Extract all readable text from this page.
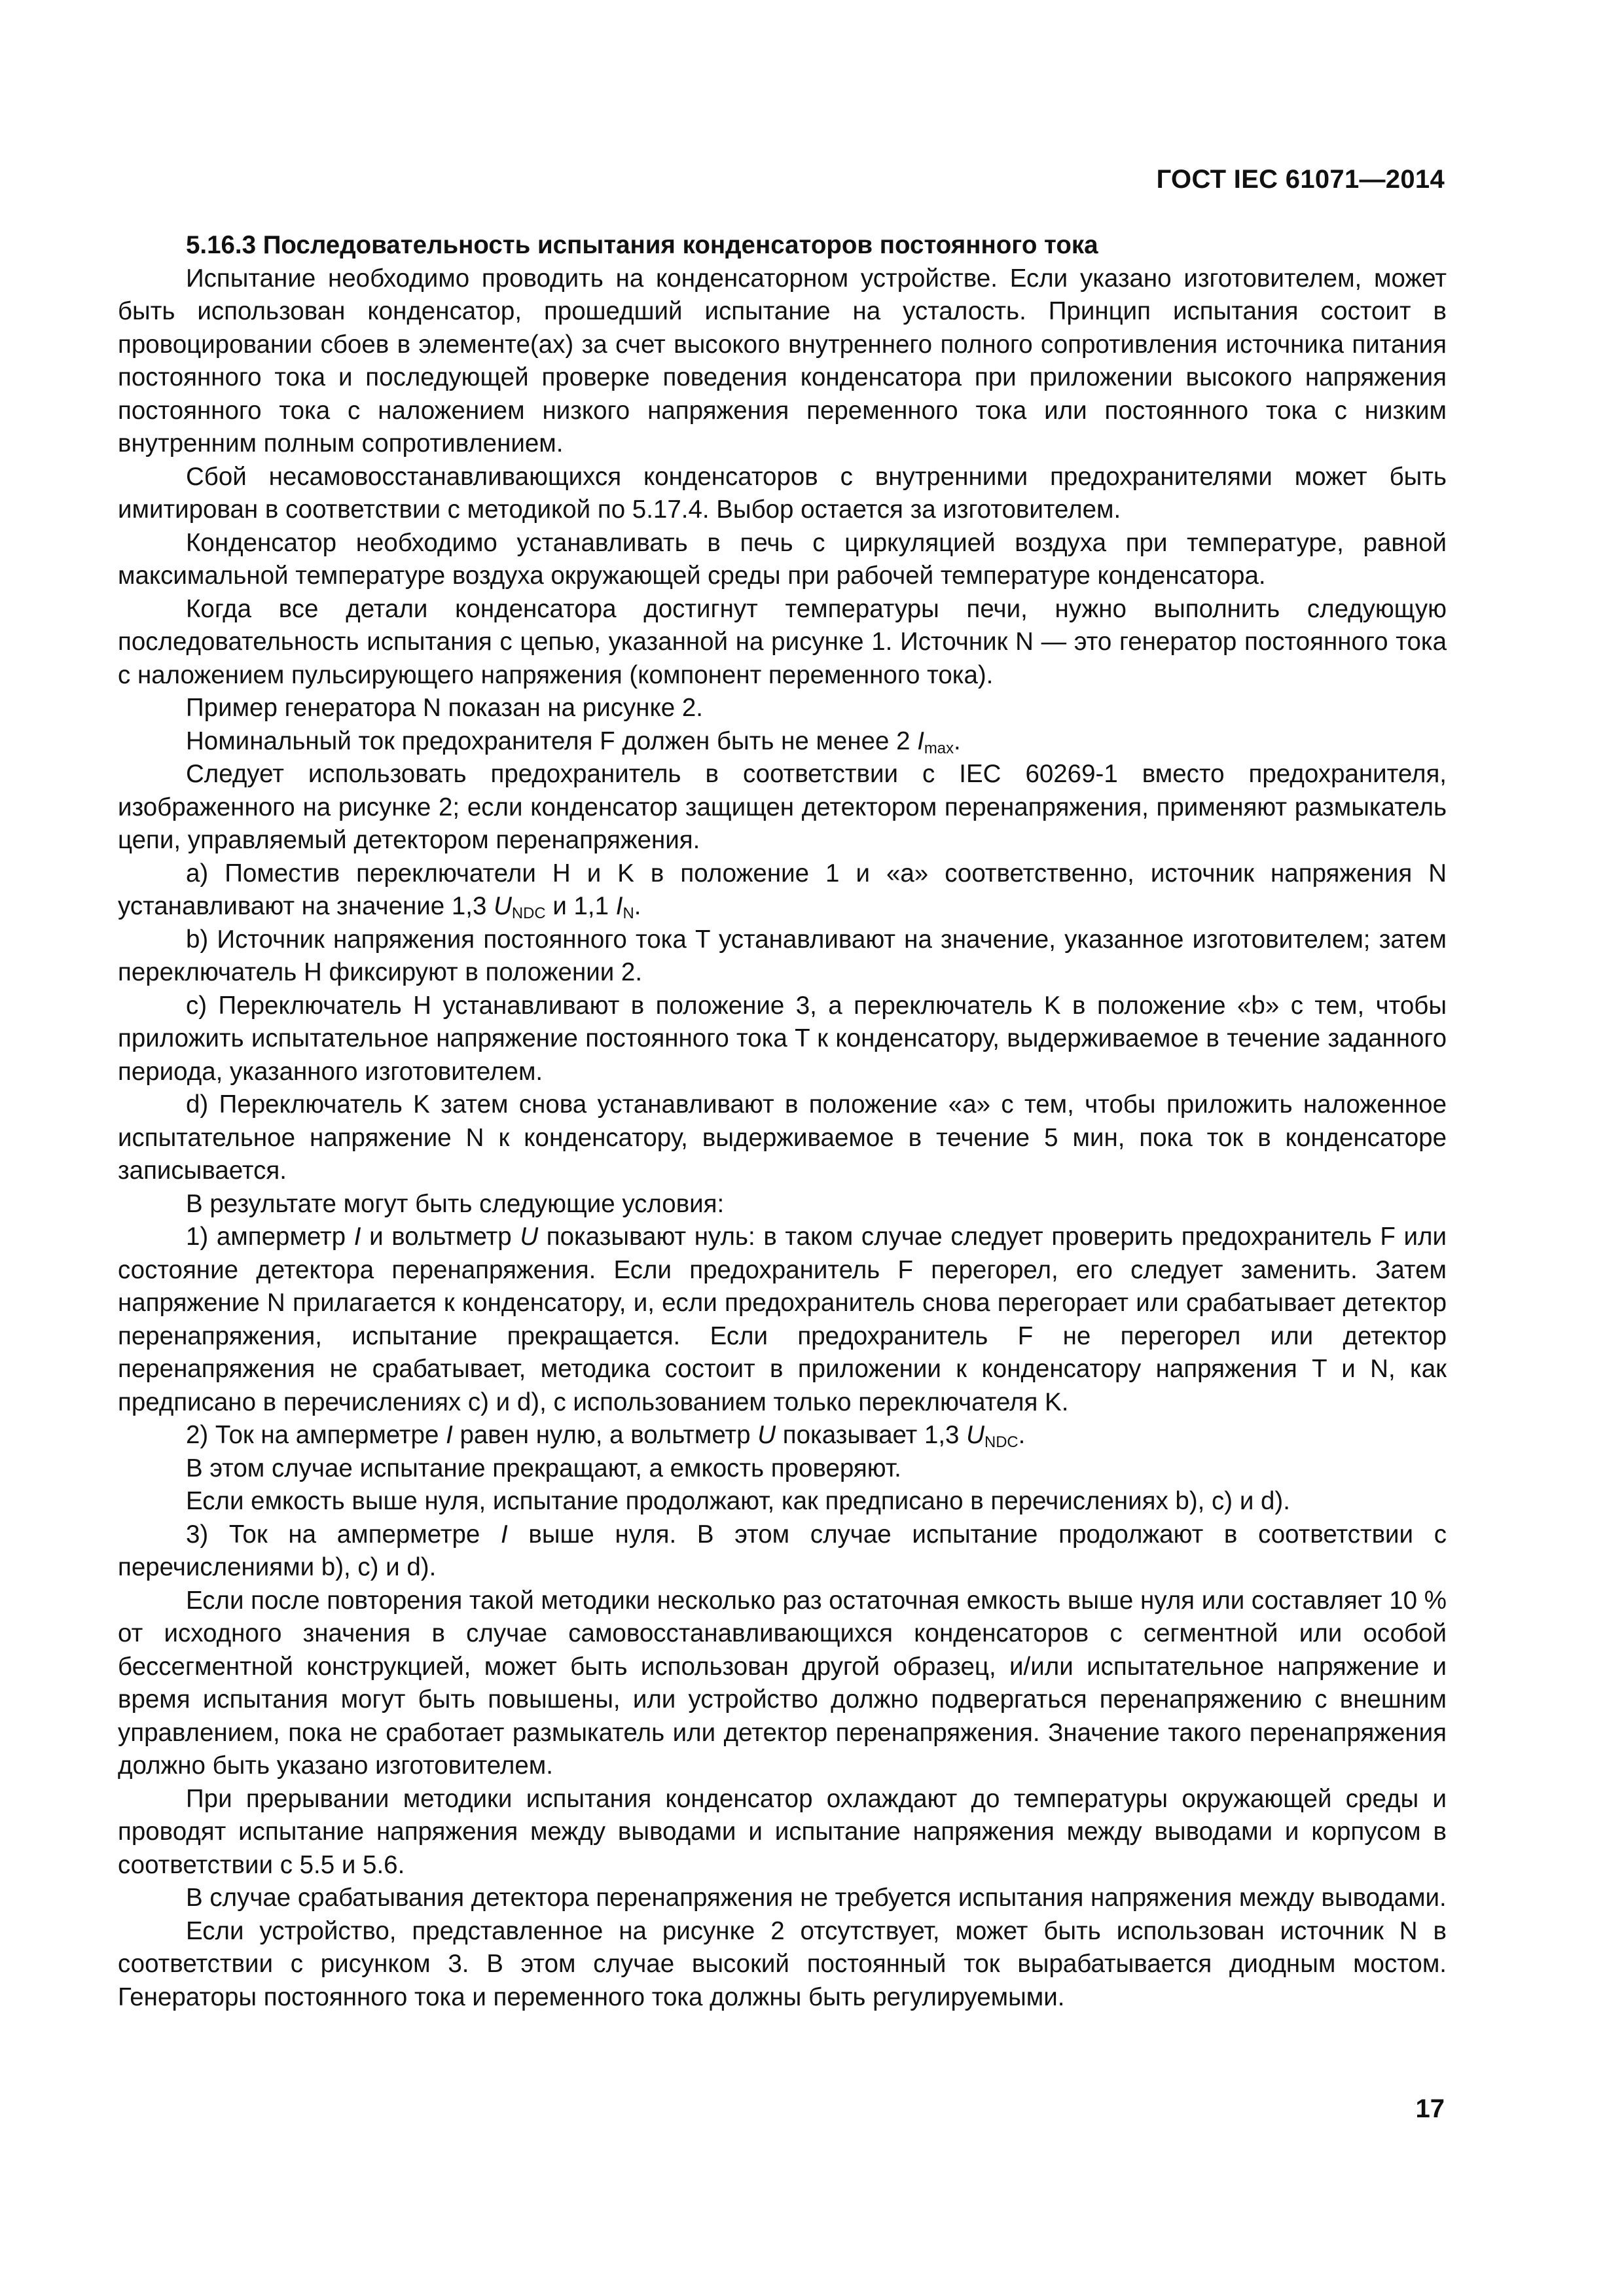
ГОСТ IEC 61071—2014

5.16.3 Последовательность испытания конденсаторов постоянного тока

Испытание необходимо проводить на конденсаторном устройстве. Если указано изготовителем, может быть использован конденсатор, прошедший испытание на усталость. Принцип испытания состоит в провоцировании сбоев в элементе(ах) за счет высокого внутреннего полного сопротивления источника питания постоянного тока и последующей проверке поведения конденсатора при приложении высокого напряжения постоянного тока с наложением низкого напряжения переменного тока или постоянного тока с низким внутренним полным сопротивлением.

Сбой несамовосстанавливающихся конденсаторов с внутренними предохранителями может быть имитирован в соответствии с методикой по 5.17.4. Выбор остается за изготовителем.

Конденсатор необходимо устанавливать в печь с циркуляцией воздуха при температуре, равной максимальной температуре воздуха окружающей среды при рабочей температуре конденсатора.

Когда все детали конденсатора достигнут температуры печи, нужно выполнить следующую последовательность испытания с цепью, указанной на рисунке 1. Источник N — это генератор постоянного тока с наложением пульсирующего напряжения (компонент переменного тока).

Пример генератора N показан на рисунке 2.

Номинальный ток предохранителя F должен быть не менее 2 $I_{max}$.

Следует использовать предохранитель в соответствии с IEC 60269-1 вместо предохранителя, изображенного на рисунке 2; если конденсатор защищен детектором перенапряжения, применяют размыкатель цепи, управляемый детектором перенапряжения.

а) Поместив переключатели H и K в положение 1 и «а» соответственно, источник напряжения N устанавливают на значение 1,3 $U_{NDC}$ и 1,1 $I_N$.

b) Источник напряжения постоянного тока T устанавливают на значение, указанное изготовителем; затем переключатель H фиксируют в положении 2.

с) Переключатель H устанавливают в положение 3, а переключатель K в положение «b» с тем, чтобы приложить испытательное напряжение постоянного тока T к конденсатору, выдерживаемое в течение заданного периода, указанного изготовителем.

d) Переключатель K затем снова устанавливают в положение «а» с тем, чтобы приложить наложенное испытательное напряжение N к конденсатору, выдерживаемое в течение 5 мин, пока ток в конденсаторе записывается.

В результате могут быть следующие условия:

1) амперметр I и вольтметр U показывают нуль: в таком случае следует проверить предохранитель F или состояние детектора перенапряжения. Если предохранитель F перегорел, его следует заменить. Затем напряжение N прилагается к конденсатору, и, если предохранитель снова перегорает или срабатывает детектор перенапряжения, испытание прекращается. Если предохранитель F не перегорел или детектор перенапряжения не срабатывает, методика состоит в приложении к конденсатору напряжения T и N, как предписано в перечислениях с) и d), с использованием только переключателя K.

2) Ток на амперметре I равен нулю, а вольтметр U показывает 1,3 $U_{NDC}$.

В этом случае испытание прекращают, а емкость проверяют.

Если емкость выше нуля, испытание продолжают, как предписано в перечислениях b), с) и d).

3) Ток на амперметре I выше нуля. В этом случае испытание продолжают в соответствии с перечислениями b), с) и d).

Если после повторения такой методики несколько раз остаточная емкость выше нуля или составляет 10 % от исходного значения в случае самовосстанавливающихся конденсаторов с сегментной или особой бессегментной конструкцией, может быть использован другой образец, и/или испытательное напряжение и время испытания могут быть повышены, или устройство должно подвергаться перенапряжению с внешним управлением, пока не сработает размыкатель или детектор перенапряжения. Значение такого перенапряжения должно быть указано изготовителем.

При прерывании методики испытания конденсатор охлаждают до температуры окружающей среды и проводят испытание напряжения между выводами и испытание напряжения между выводами и корпусом в соответствии с 5.5 и 5.6.

В случае срабатывания детектора перенапряжения не требуется испытания напряжения между выводами.

Если устройство, представленное на рисунке 2 отсутствует, может быть использован источник N в соответствии с рисунком 3. В этом случае высокий постоянный ток вырабатывается диодным мостом. Генераторы постоянного тока и переменного тока должны быть регулируемыми.

17
